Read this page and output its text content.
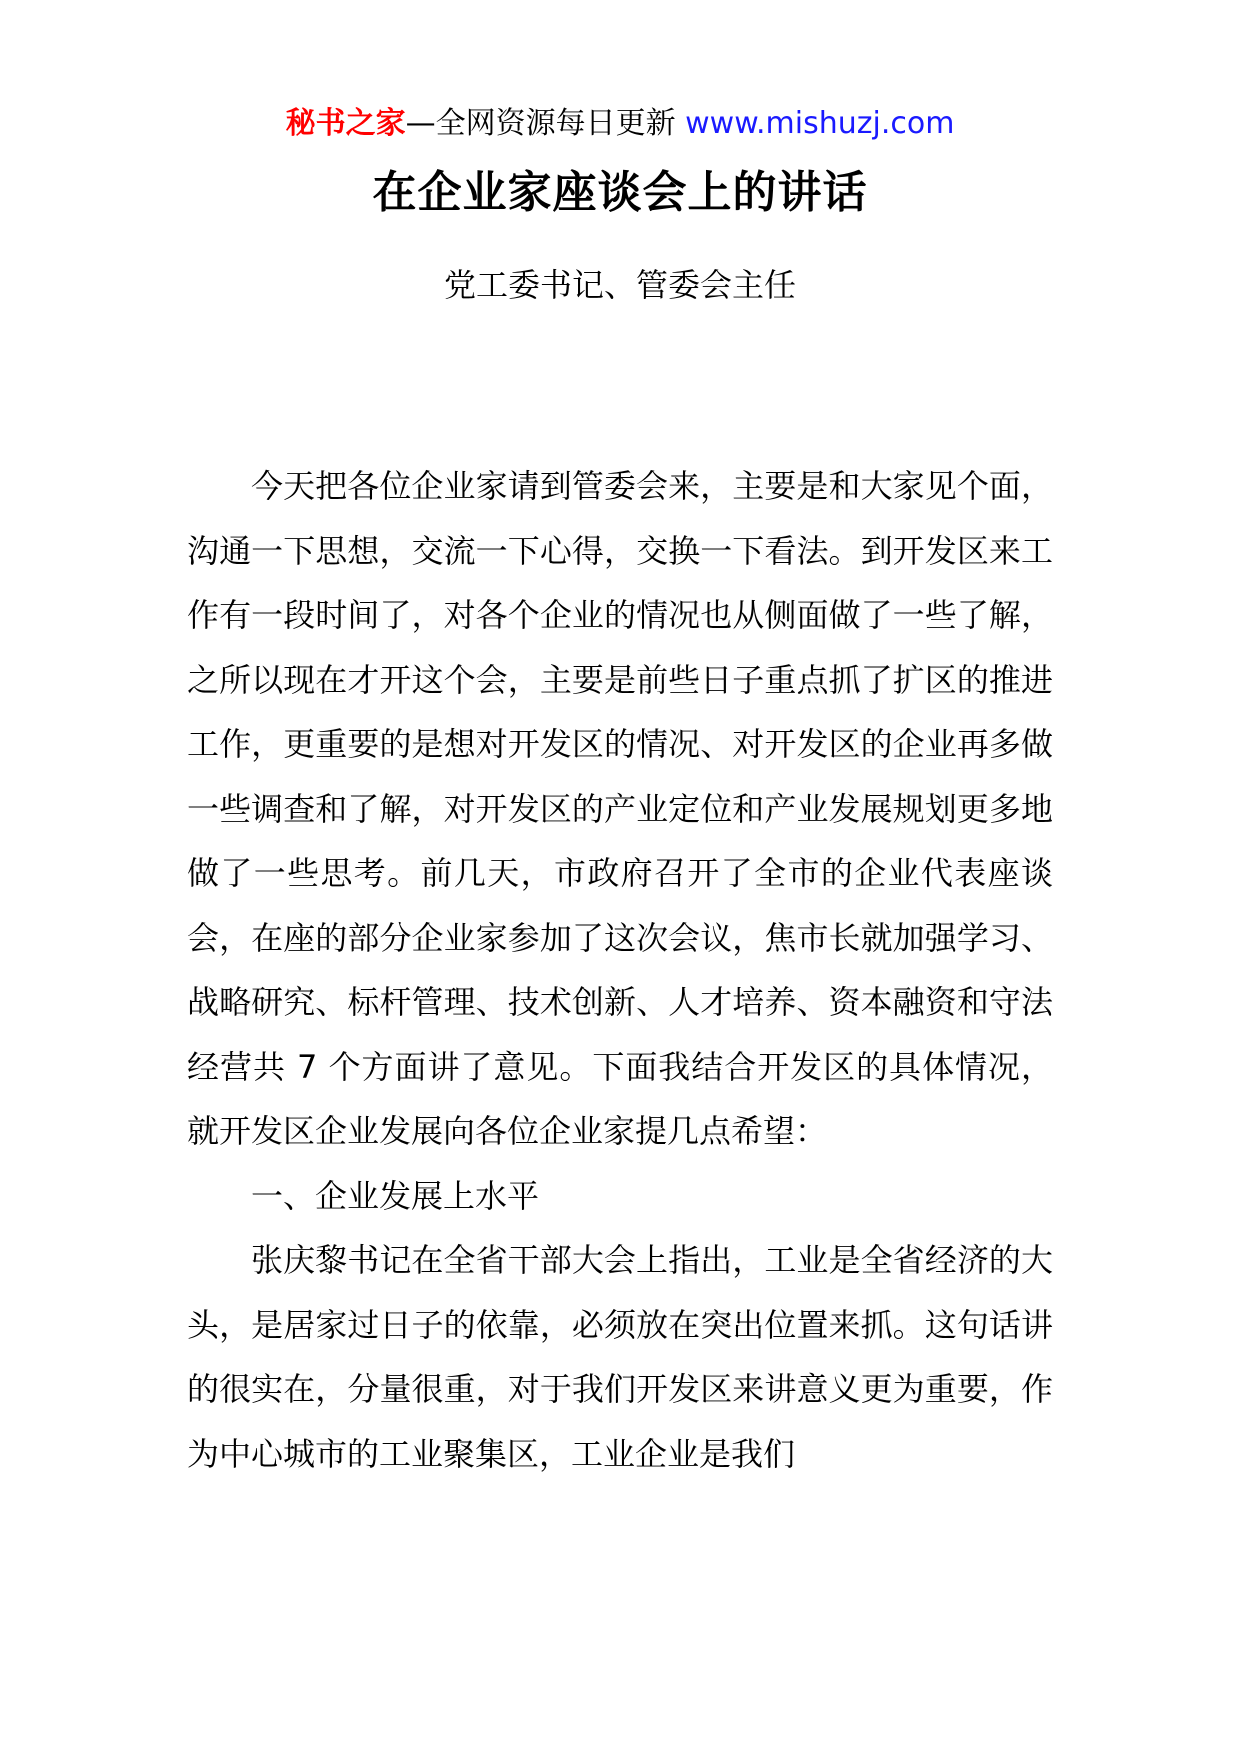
秘书之家—全网资源每日更新 www.mishuzj.com
在企业家座谈会上的讲话
党工委书记、管委会主任

今天把各位企业家请到管委会来，主要是和大家见个面，沟通一下思想，交流一下心得，交换一下看法。到开发区来工作有一段时间了，对各个企业的情况也从侧面做了一些了解，之所以现在才开这个会，主要是前些日子重点抓了扩区的推进工作，更重要的是想对开发区的情况、对开发区的企业再多做一些调查和了解，对开发区的产业定位和产业发展规划更多地做了一些思考。前几天，市政府召开了全市的企业代表座谈会，在座的部分企业家参加了这次会议，焦市长就加强学习、战略研究、标杆管理、技术创新、人才培养、资本融资和守法经营共 7 个方面讲了意见。下面我结合开发区的具体情况，就开发区企业发展向各位企业家提几点希望：

一、企业发展上水平

张庆黎书记在全省干部大会上指出，工业是全省经济的大头，是居家过日子的依靠，必须放在突出位置来抓。这句话讲的很实在，分量很重，对于我们开发区来讲意义更为重要，作为中心城市的工业聚集区，工业企业是我们
